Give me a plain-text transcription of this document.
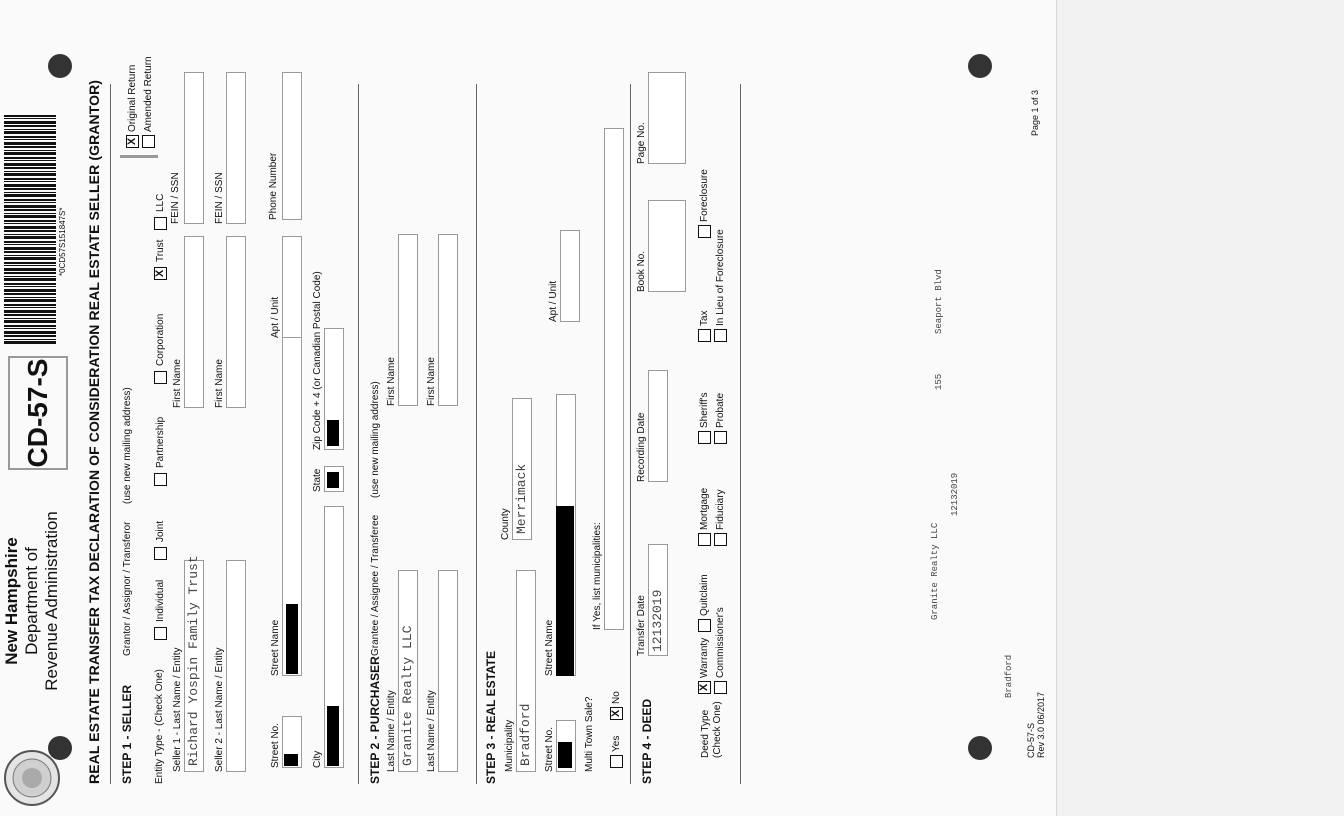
New Hampshire Department of Revenue Administration
CD-57-S
*0CD57S151847S* REAL ESTATE TRANSFER TAX DECLARATION OF CONSIDERATION REAL ESTATE SELLER (GRANTOR) X
Original Return Amended Return
STEP 1 - SELLER
Grantor / Assignor / Transferor
(use new mailing address)
Entity Type - (Check One)
Individual
Joint
Partnership
Corporation
X
Trust
LLC
Seller 1 - Last Name / Entity Richard Yospin Family Trust
First Name
FEIN / SSN
Seller 2 - Last Name / Entity
First Name
FEIN / SSN
Street No.
Street Name
Apt / Unit
Phone Number
City
State
Zip Code + 4 (or Canadian Postal Code)
STEP 2 - PURCHASER
Grantee / Assignee / Transferee
(use new mailing address)
Last Name / Entity Granite Realty LLC
First Name
Last Name / Entity
First Name
STEP 3 - REAL ESTATE Municipality Bradford
County Merrimack
Street No.
Street Name
Apt / Unit
Multi Town Sale?
If Yes, list municipalities:
Yes
X
No
STEP 4 - DEED
Transfer Date 12132019
Recording Date
Book No.
Page No.
Deed Type (Check One)
X
Warranty
Quitclaim
Mortgage
Sheriff's
Tax
Foreclosure
Commissioner's
Fiduciary
Probate
In Lieu of Foreclosure
Bradford
Granite Realty LLC
12132019
155
Seaport Blvd
CD-57-S Rev 3.0 06/2017
Page 1 of 3
